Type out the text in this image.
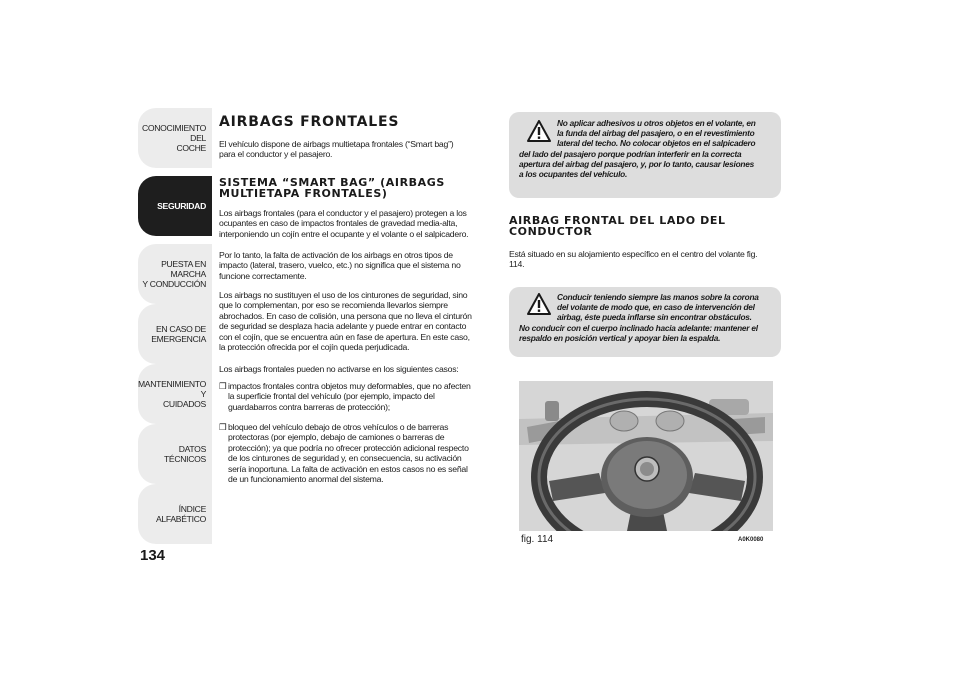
CONOCIMIENTO DEL
COCHE
SEGURIDAD
PUESTA EN MARCHA
Y CONDUCCIÓN
EN CASO DE
EMERGENCIA
MANTENIMIENTO Y
CUIDADOS
DATOS TÉCNICOS
ÍNDICE ALFABÉTICO
134
AIRBAGS FRONTALES

El vehículo dispone de airbags multietapa frontales (“Smart bag”)

para el conductor y el pasajero.

SISTEMA “SMART BAG” (AIRBAGS
MULTIETAPA FRONTALES)

Los airbags frontales (para el conductor y el pasajero) protegen a los

ocupantes en caso de impactos frontales de gravedad media-alta,

interponiendo un cojín entre el ocupante y el volante o el salpicadero.

Por lo tanto, la falta de activación de los airbags en otros tipos de

impacto (lateral, trasero, vuelco, etc.) no significa que el sistema no

funcione correctamente.

Los airbags no sustituyen el uso de los cinturones de seguridad, sino

que lo complementan, por eso se recomienda llevarlos siempre

abrochados. En caso de colisión, una persona que no lleva el cinturón

de seguridad se desplaza hacia adelante y puede entrar en contacto

con el cojín, que se encuentra aún en fase de apertura. En este caso,

la protección ofrecida por el cojín queda perjudicada.

Los airbags frontales pueden no activarse en los siguientes casos:

❒ impactos frontales contra objetos muy deformables, que no afecten

la superficie frontal del vehículo (por ejemplo, impacto del

guardabarros contra barreras de protección);

❒ bloqueo del vehículo debajo de otros vehículos o de barreras

protectoras (por ejemplo, debajo de camiones o barreras de

protección); ya que podría no ofrecer protección adicional respecto

de los cinturones de seguridad y, en consecuencia, su activación

sería inoportuna. La falta de activación en estos casos no es señal

de un funcionamiento anormal del sistema.

No aplicar adhesivos u otros objetos en el volante, en
la funda del airbag del pasajero, o en el revestimiento
lateral del techo. No colocar objetos en el salpicadero
del lado del pasajero porque podrían interferir en la correcta
apertura del airbag del pasajero, y, por lo tanto, causar lesiones
a los ocupantes del vehículo.
AIRBAG FRONTAL DEL LADO DEL
CONDUCTOR

Está situado en su alojamiento específico en el centro del volante fig.

114.

Conducir teniendo siempre las manos sobre la corona
del volante de modo que, en caso de intervención del
airbag, éste pueda inflarse sin encontrar obstáculos.
No conducir con el cuerpo inclinado hacia adelante: mantener el
respaldo en posición vertical y apoyar bien la espalda.
fig. 114	A0K0080
